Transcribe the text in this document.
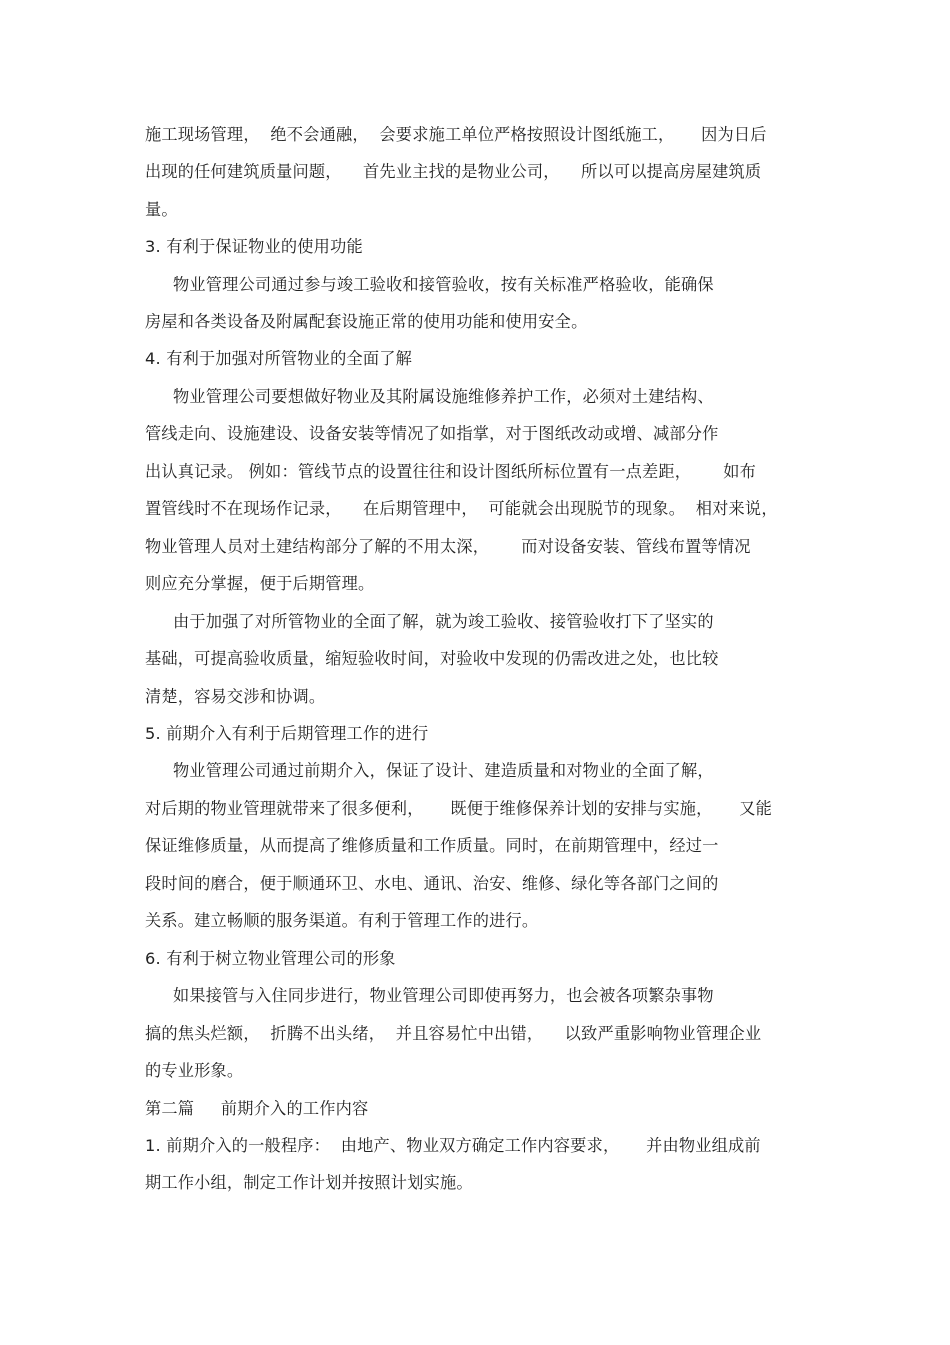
施工现场管理，  绝不会通融，  会要求施工单位严格按照设计图纸施工，     因为日后
出现的任何建筑质量问题，    首先业主找的是物业公司，    所以可以提高房屋建筑质
量。
3. 有利于保证物业的使用功能
物业管理公司通过参与竣工验收和接管验收，按有关标准严格验收，能确保
房屋和各类设备及附属配套设施正常的使用功能和使用安全。
4. 有利于加强对所管物业的全面了解
物业管理公司要想做好物业及其附属设施维修养护工作，必须对土建结构、
管线走向、设施建设、设备安装等情况了如指掌，对于图纸改动或增、减部分作
出认真记录。 例如：管线节点的设置往往和设计图纸所标位置有一点差距，      如布
置管线时不在现场作记录，    在后期管理中，  可能就会出现脱节的现象。  相对来说，
物业管理人员对土建结构部分了解的不用太深，      而对设备安装、管线布置等情况
则应充分掌握，便于后期管理。
由于加强了对所管物业的全面了解，就为竣工验收、接管验收打下了坚实的
基础，可提高验收质量，缩短验收时间，对验收中发现的仍需改进之处，也比较
清楚，容易交涉和协调。
5. 前期介入有利于后期管理工作的进行
物业管理公司通过前期介入，保证了设计、建造质量和对物业的全面了解，
对后期的物业管理就带来了很多便利，     既便于维修保养计划的安排与实施，     又能
保证维修质量，从而提高了维修质量和工作质量。同时，在前期管理中，经过一
段时间的磨合，便于顺通环卫、水电、通讯、治安、维修、绿化等各部门之间的
关系。建立畅顺的服务渠道。有利于管理工作的进行。
6. 有利于树立物业管理公司的形象
如果接管与入住同步进行，物业管理公司即使再努力，也会被各项繁杂事物
搞的焦头烂额，  折腾不出头绪，  并且容易忙中出错，    以致严重影响物业管理企业
的专业形象。
第二篇     前期介入的工作内容
1. 前期介入的一般程序：  由地产、物业双方确定工作内容要求，     并由物业组成前
期工作小组，制定工作计划并按照计划实施。
